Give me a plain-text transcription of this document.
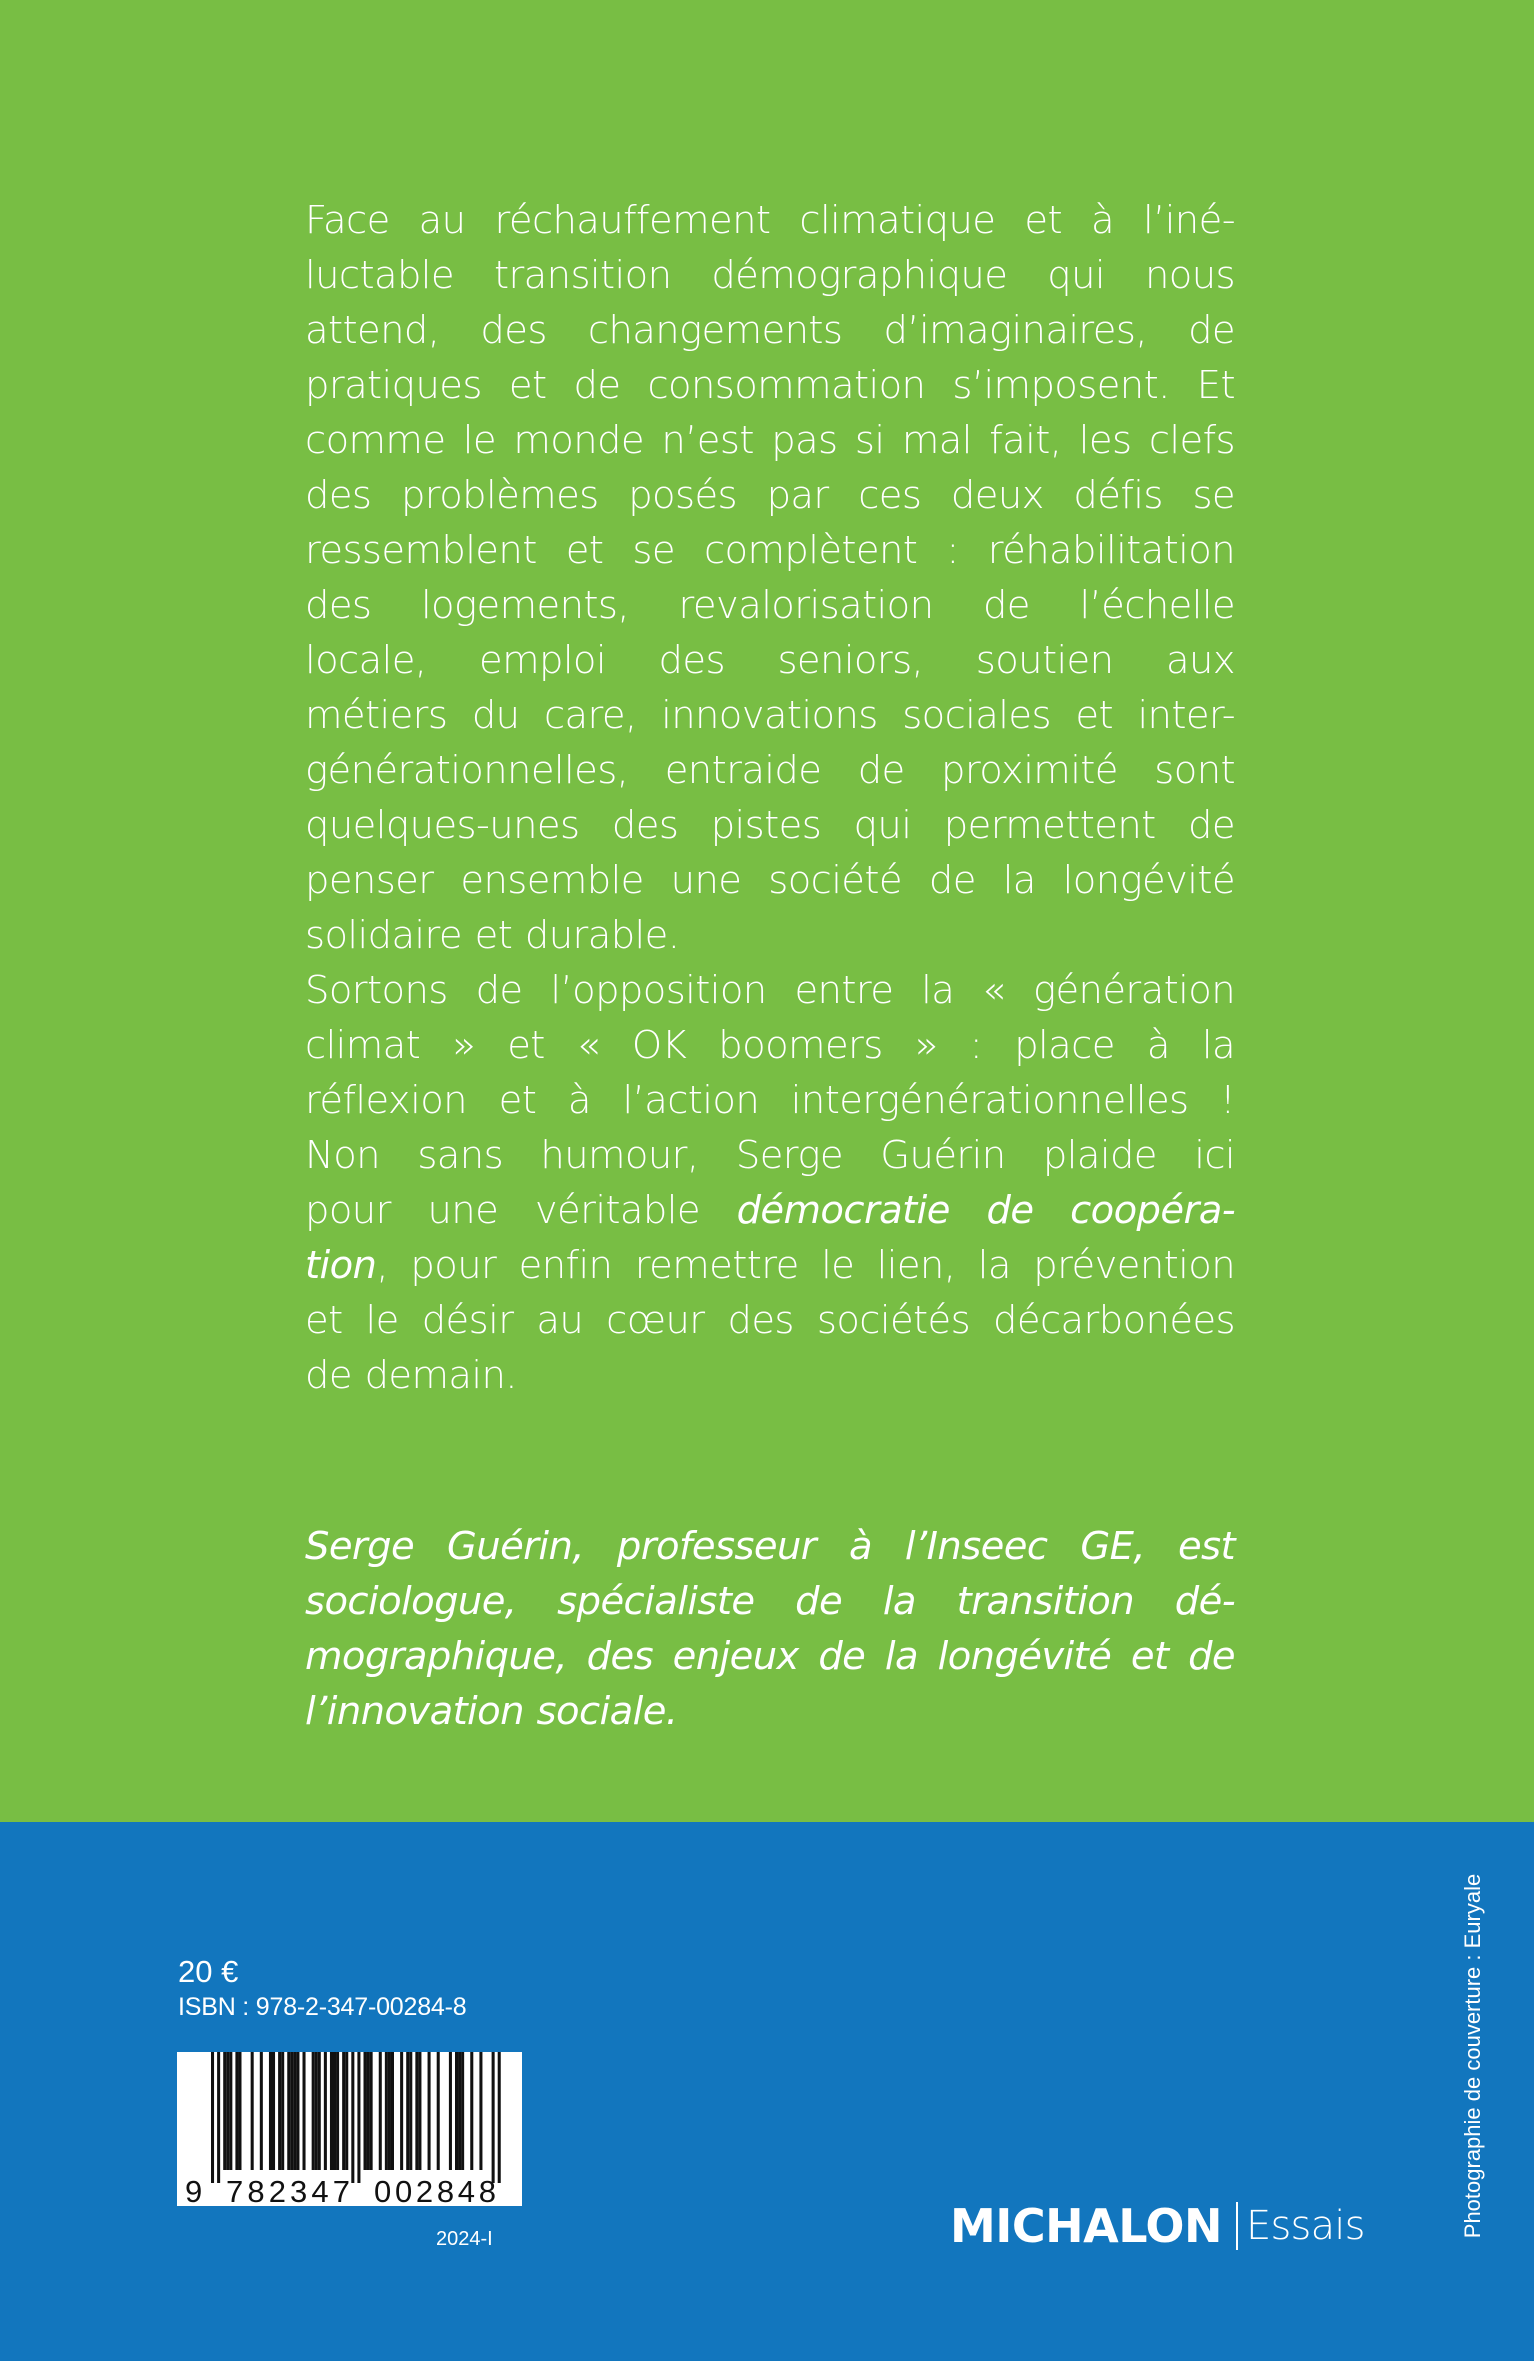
Face au réchauffement climatique et à l’iné-
luctable transition démographique qui nous
attend, des changements d’imaginaires, de
pratiques et de consommation s’imposent. Et
comme le monde n’est pas si mal fait, les clefs
des problèmes posés par ces deux défis se
ressemblent et se complètent : réhabilitation
des logements, revalorisation de l’échelle
locale, emploi des seniors, soutien aux
métiers du care, innovations sociales et inter-
générationnelles, entraide de proximité sont
quelques-unes des pistes qui permettent de
penser ensemble une société de la longévité
solidaire et durable.

Sortons de l’opposition entre la « génération
climat » et « OK boomers » : place à la
réflexion et à l’action intergénérationnelles !
Non sans humour, Serge Guérin plaide ici
pour une véritable démocratie de coopéra-
tion, pour enfin remettre le lien, la prévention
et le désir au cœur des sociétés décarbonées
de demain.

Serge Guérin, professeur à l’Inseec GE, est
sociologue, spécialiste de la transition dé-
mographique, des enjeux de la longévité et de
l’innovation sociale.

20 €
ISBN : 978-2-347-00284-8
9 782347 002848
2024-I	MICHALON Essais	Photographie de couverture : Euryale
